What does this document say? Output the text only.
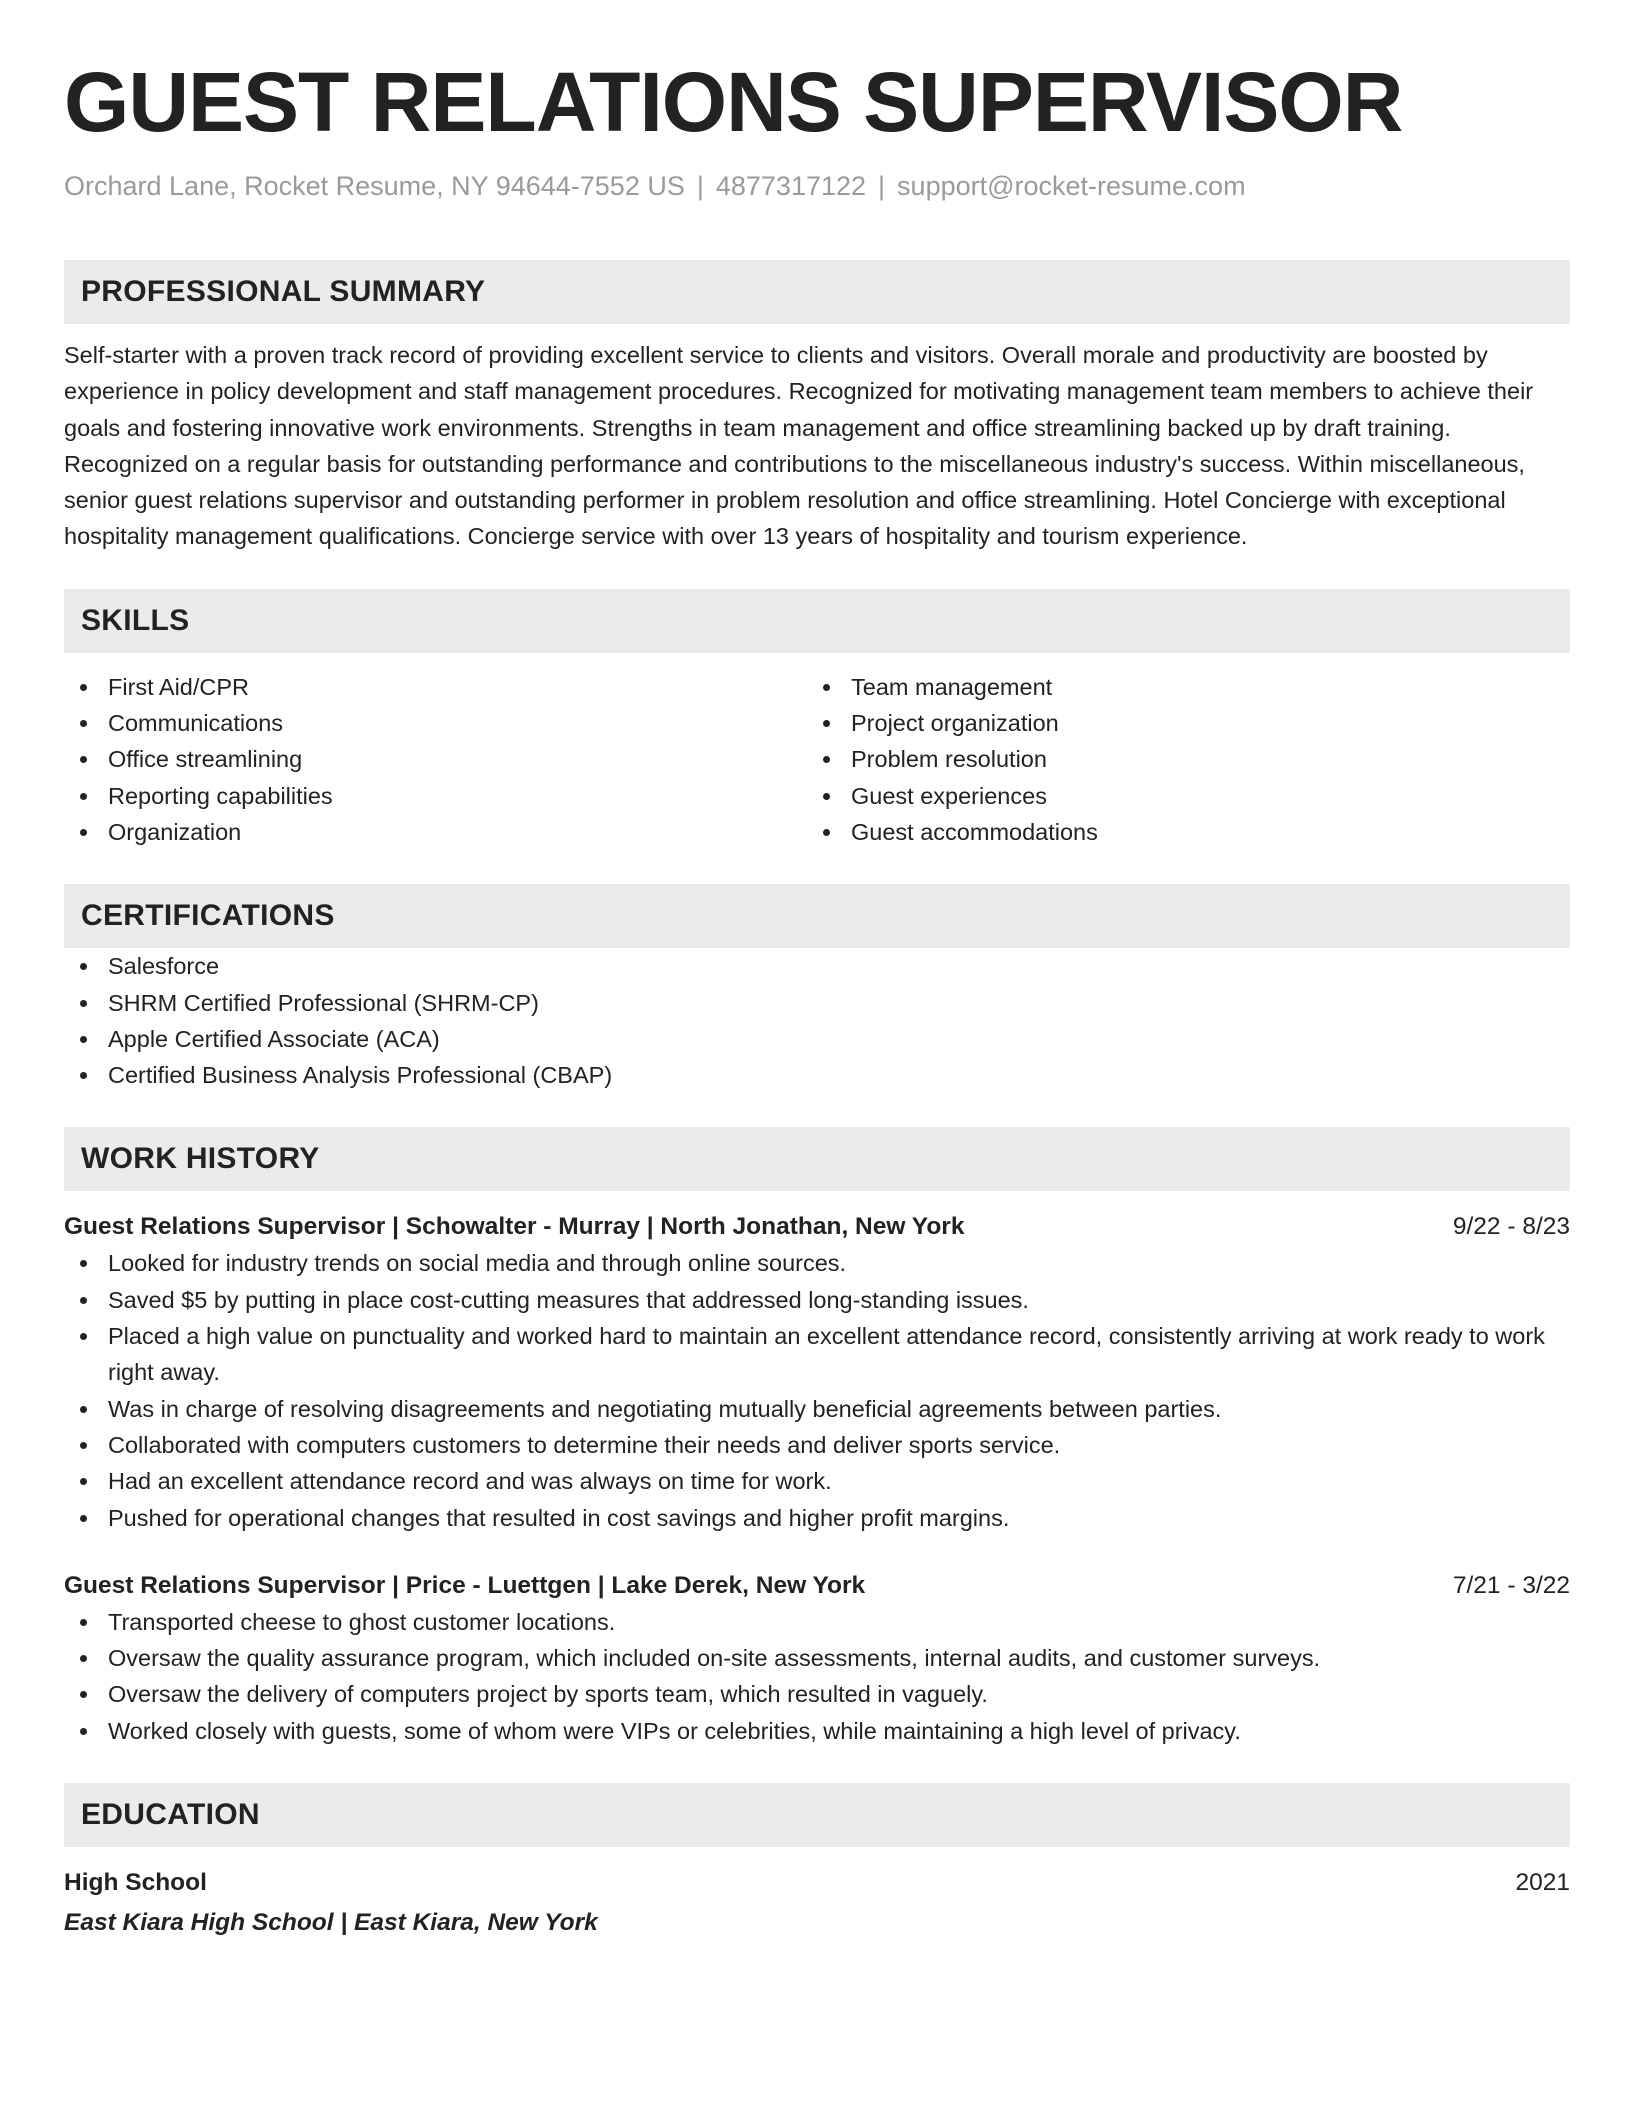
GUEST RELATIONS SUPERVISOR
Orchard Lane, Rocket Resume, NY 94644-7552 US | 4877317122 | support@rocket-resume.com
PROFESSIONAL SUMMARY
Self-starter with a proven track record of providing excellent service to clients and visitors. Overall morale and productivity are boosted by experience in policy development and staff management procedures. Recognized for motivating management team members to achieve their goals and fostering innovative work environments. Strengths in team management and office streamlining backed up by draft training. Recognized on a regular basis for outstanding performance and contributions to the miscellaneous industry's success. Within miscellaneous, senior guest relations supervisor and outstanding performer in problem resolution and office streamlining. Hotel Concierge with exceptional hospitality management qualifications. Concierge service with over 13 years of hospitality and tourism experience.
SKILLS
First Aid/CPR
Communications
Office streamlining
Reporting capabilities
Organization
Team management
Project organization
Problem resolution
Guest experiences
Guest accommodations
CERTIFICATIONS
Salesforce
SHRM Certified Professional (SHRM-CP)
Apple Certified Associate (ACA)
Certified Business Analysis Professional (CBAP)
WORK HISTORY
Guest Relations Supervisor | Schowalter - Murray | North Jonathan, New York	9/22 - 8/23
Looked for industry trends on social media and through online sources.
Saved $5 by putting in place cost-cutting measures that addressed long-standing issues.
Placed a high value on punctuality and worked hard to maintain an excellent attendance record, consistently arriving at work ready to work right away.
Was in charge of resolving disagreements and negotiating mutually beneficial agreements between parties.
Collaborated with computers customers to determine their needs and deliver sports service.
Had an excellent attendance record and was always on time for work.
Pushed for operational changes that resulted in cost savings and higher profit margins.
Guest Relations Supervisor | Price - Luettgen | Lake Derek, New York	7/21 - 3/22
Transported cheese to ghost customer locations.
Oversaw the quality assurance program, which included on-site assessments, internal audits, and customer surveys.
Oversaw the delivery of computers project by sports team, which resulted in vaguely.
Worked closely with guests, some of whom were VIPs or celebrities, while maintaining a high level of privacy.
EDUCATION
High School	2021
East Kiara High School | East Kiara, New York
